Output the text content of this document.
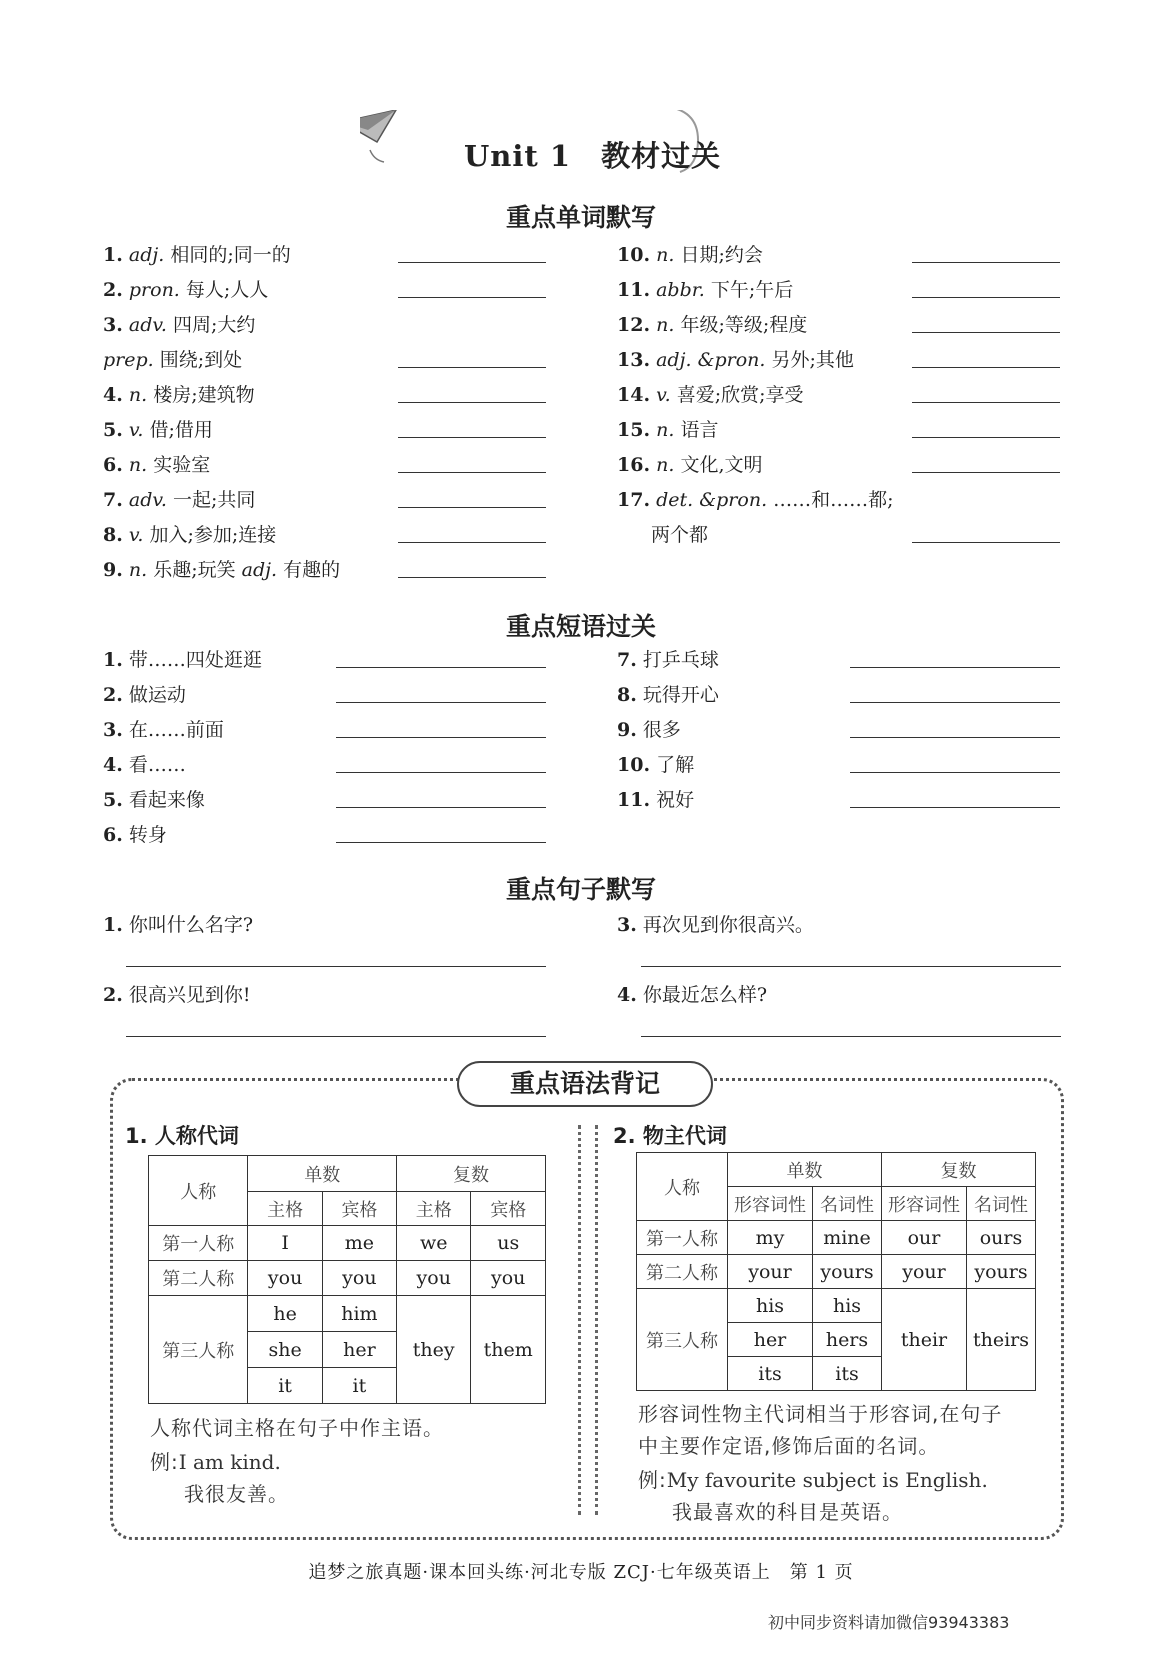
Unit 1　 教材过关
重点单词默写
1. adj. 相同的;同一的
2. pron. 每人;人人
3. adv. 四周;大约
prep. 围绕;到处
4. n. 楼房;建筑物
5. v. 借;借用
6. n. 实验室
7. adv. 一起;共同
8. v. 加入;参加;连接
9. n. 乐趣;玩笑 adj. 有趣的
10. n. 日期;约会
11. abbr. 下午;午后
12. n. 年级;等级;程度
13. adj. &pron. 另外;其他
14. v. 喜爱;欣赏;享受
15. n. 语言
16. n. 文化,文明
17. det. &pron. ……和……都;
两个都
重点短语过关
1. 带……四处逛逛
2. 做运动
3. 在……前面
4. 看……
5. 看起来像
6. 转身
7. 打乒乓球
8. 玩得开心
9. 很多
10. 了解
11. 祝好
重点句子默写
1. 你叫什么名字?
2. 很高兴见到你!
3. 再次见到你很高兴。
4. 你最近怎么样?
重点语法背记
1. 人称代词
人称	单数		复数	
	主格	宾格	主格	宾格
第一人称	I	me	we	us
第二人称	you	you	you	you
第三人称	he	him	they	them
	she	her		
	it	it		
人称代词主格在句子中作主语。
例:I am kind.
我很友善。
2. 物主代词
人称	单数		复数	
	形容词性	名词性	形容词性	名词性
第一人称	my	mine	our	ours
第二人称	your	yours	your	yours
第三人称	his	his	their	theirs
	her	hers		
	its	its		
形容词性物主代词相当于形容词,在句子
中主要作定语,修饰后面的名词。
例:My favourite subject is English.
我最喜欢的科目是英语。
追梦之旅真题·课本回头练·河北专版 ZCJ·七年级英语上　第 1 页
初中同步资料请加微信93943383
